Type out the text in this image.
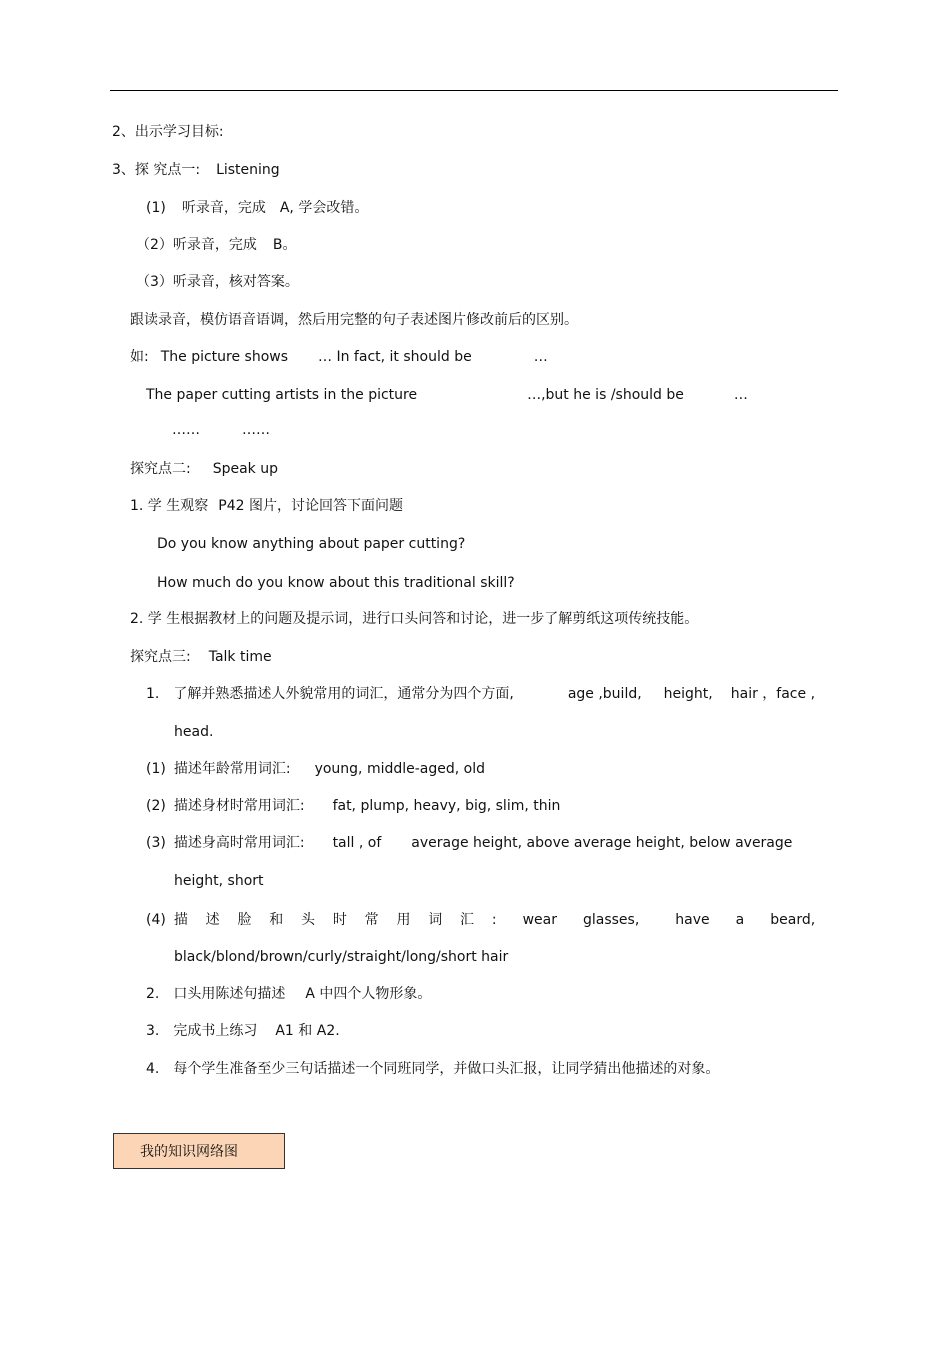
2、出示学习目标:
3、探 究点一: Listening
(1) 听录音，完成 A, 学会改错。
（2）听录音，完成 B。
（3）听录音，核对答案。
跟读录音，模仿语音语调，然后用完整的句子表述图片修改前后的区别。
如: The picture shows … In fact, it should be	…
The paper cutting artists in the picture	…,but he is /should be	…
……	……
探究点二: Speak up
1. 学 生观察 P42 图片，讨论回答下面问题
Do you know anything about paper cutting?
How much do you know about this traditional skill?
2. 学 生根据教材上的问题及提示词，进行口头问答和讨论，进一步了解剪纸这项传统技能。
探究点三: Talk time
1. 了解并熟悉描述人外貌常用的词汇，通常分为四个方面,	age ,build, height, hair ，face ,
head.
(1) 描述年龄常用词汇: young, middle-aged, old
(2) 描述身材时常用词汇: fat, plump, heavy, big, slim, thin
(3) 描述身高时常用词汇: tall , of average height, above average height, below average
height, short
(4) 描    述    脸    和    头    时    常    用    词    汇    : wear glasses,	have a beard,
black/blond/brown/curly/straight/long/short hair
2. 口头用陈述句描述 A 中四个人物形象。
3. 完成书上练习 A1 和 A2.
4. 每个学生准备至少三句话描述一个同班同学，并做口头汇报，让同学猜出他描述的对象。
我的知识网络图
